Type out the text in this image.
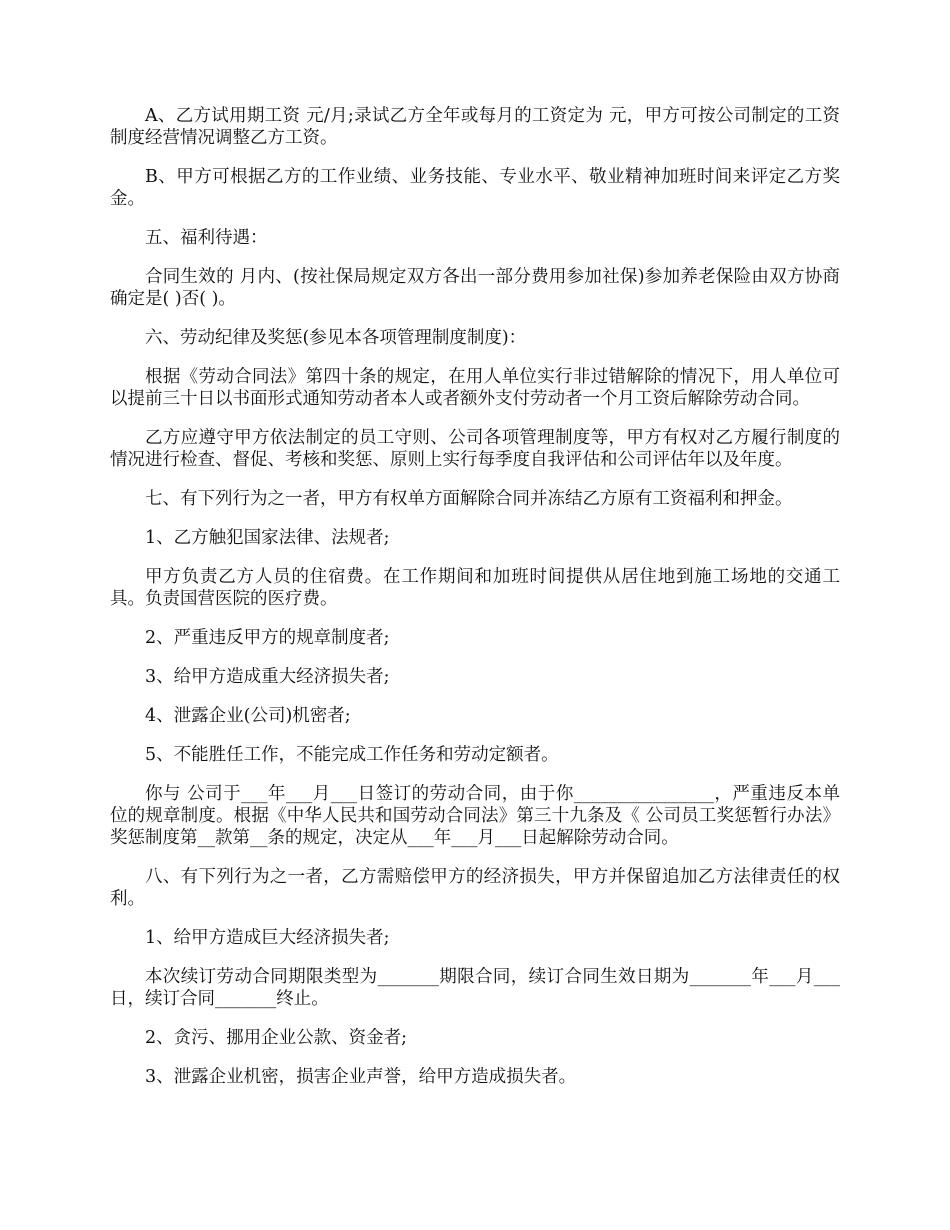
A、乙方试用期工资 元/月;录试乙方全年或每月的工资定为 元，甲方可按公司制定的工资制度经营情况调整乙方工资。

B、甲方可根据乙方的工作业绩、业务技能、专业水平、敬业精神加班时间来评定乙方奖金。

五、福利待遇：

合同生效的 月内、(按社保局规定双方各出一部分费用参加社保)参加养老保险由双方协商确定是( )否( )。

六、劳动纪律及奖惩(参见本各项管理制度制度)：

根据《劳动合同法》第四十条的规定，在用人单位实行非过错解除的情况下，用人单位可以提前三十日以书面形式通知劳动者本人或者额外支付劳动者一个月工资后解除劳动合同。

乙方应遵守甲方依法制定的员工守则、公司各项管理制度等，甲方有权对乙方履行制度的情况进行检查、督促、考核和奖惩、原则上实行每季度自我评估和公司评估年以及年度。

七、有下列行为之一者，甲方有权单方面解除合同并冻结乙方原有工资福利和押金。

1、乙方触犯国家法律、法规者;

甲方负责乙方人员的住宿费。在工作期间和加班时间提供从居住地到施工场地的交通工具。负责国营医院的医疗费。

2、严重违反甲方的规章制度者;

3、给甲方造成重大经济损失者;

4、泄露企业(公司)机密者;

5、不能胜任工作，不能完成工作任务和劳动定额者。

你与 公司于___年___月___日签订的劳动合同，由于你________________，严重违反本单位的规章制度。根据《中华人民共和国劳动合同法》第三十九条及《 公司员工奖惩暂行办法》奖惩制度第__款第__条的规定，决定从___年___月___日起解除劳动合同。

八、有下列行为之一者，乙方需赔偿甲方的经济损失，甲方并保留追加乙方法律责任的权利。

1、给甲方造成巨大经济损失者;

本次续订劳动合同期限类型为_______期限合同，续订合同生效日期为_______年___月___日，续订合同_______终止。

2、贪污、挪用企业公款、资金者;

3、泄露企业机密，损害企业声誉，给甲方造成损失者。
